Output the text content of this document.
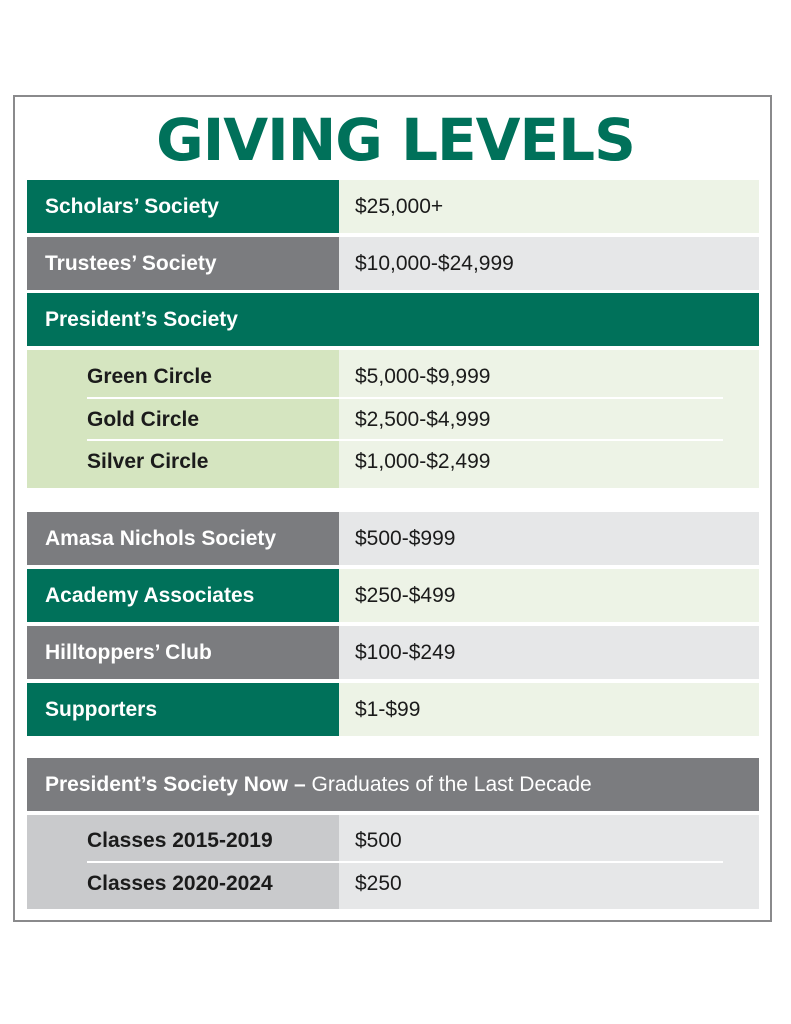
GIVING LEVELS
Scholars’ Society	$25,000+
Trustees’ Society	$10,000-$24,999
President’s Society
Green Circle	$5,000-$9,999
Gold Circle	$2,500-$4,999
Silver Circle	$1,000-$2,499
Amasa Nichols Society	$500-$999
Academy Associates	$250-$499
Hilltoppers’ Club	$100-$249
Supporters	$1-$99
President’s Society Now – Graduates of the Last Decade
Classes 2015-2019	$500
Classes 2020-2024	$250
